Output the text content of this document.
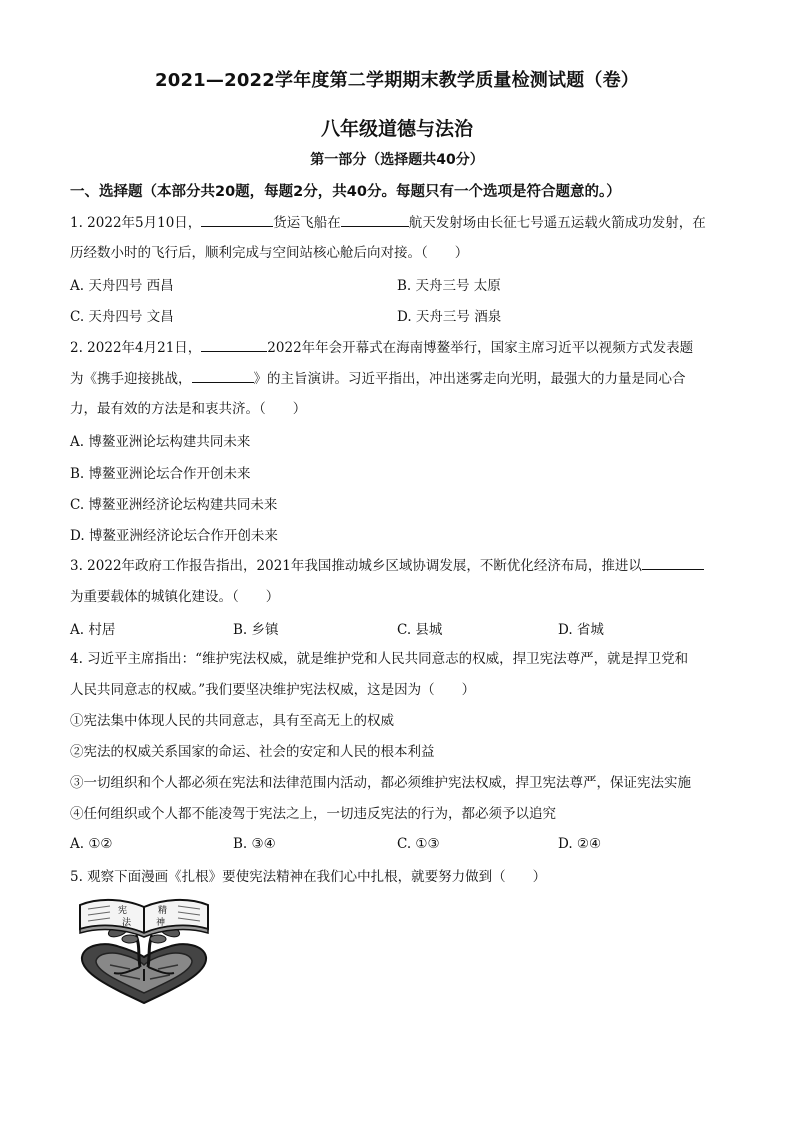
2021—2022学年度第二学期期末教学质量检测试题（卷）
八年级道德与法治
第一部分（选择题共40分）
一、选择题（本部分共20题，每题2分，共40分。每题只有一个选项是符合题意的。）
1. 2022年5月10日，	货运飞船在	航天发射场由长征七号遥五运载火箭成功发射，在
历经数小时的飞行后，顺利完成与空间站核心舱后向对接。（　　）
A. 天舟四号 西昌	B. 天舟三号 太原
C. 天舟四号 文昌	D. 天舟三号 酒泉
2. 2022年4月21日，	2022年年会开幕式在海南博鳌举行，国家主席习近平以视频方式发表题
为《携手迎接挑战，	》的主旨演讲。习近平指出，冲出迷雾走向光明，最强大的力量是同心合
力，最有效的方法是和衷共济。（　　）
A. 博鳌亚洲论坛构建共同未来
B. 博鳌亚洲论坛合作开创未来
C. 博鳌亚洲经济论坛构建共同未来
D. 博鳌亚洲经济论坛合作开创未来
3. 2022年政府工作报告指出，2021年我国推动城乡区域协调发展，不断优化经济布局，推进以
为重要载体的城镇化建设。（　　）
A. 村居	B. 乡镇	C. 县城	D. 省城
4. 习近平主席指出：“维护宪法权威，就是维护党和人民共同意志的权威，捍卫宪法尊严，就是捍卫党和
人民共同意志的权威。”我们要坚决维护宪法权威，这是因为（　　）
①宪法集中体现人民的共同意志，具有至高无上的权威
②宪法的权威关系国家的命运、社会的安定和人民的根本利益
③一切组织和个人都必须在宪法和法律范围内活动，都必须维护宪法权威，捍卫宪法尊严，保证宪法实施
④任何组织或个人都不能凌驾于宪法之上，一切违反宪法的行为，都必须予以追究
A. ①②	B. ③④	C. ①③	D. ②④
5. 观察下面漫画《扎根》要使宪法精神在我们心中扎根，就要努力做到（　　）
宪
法
精
神
